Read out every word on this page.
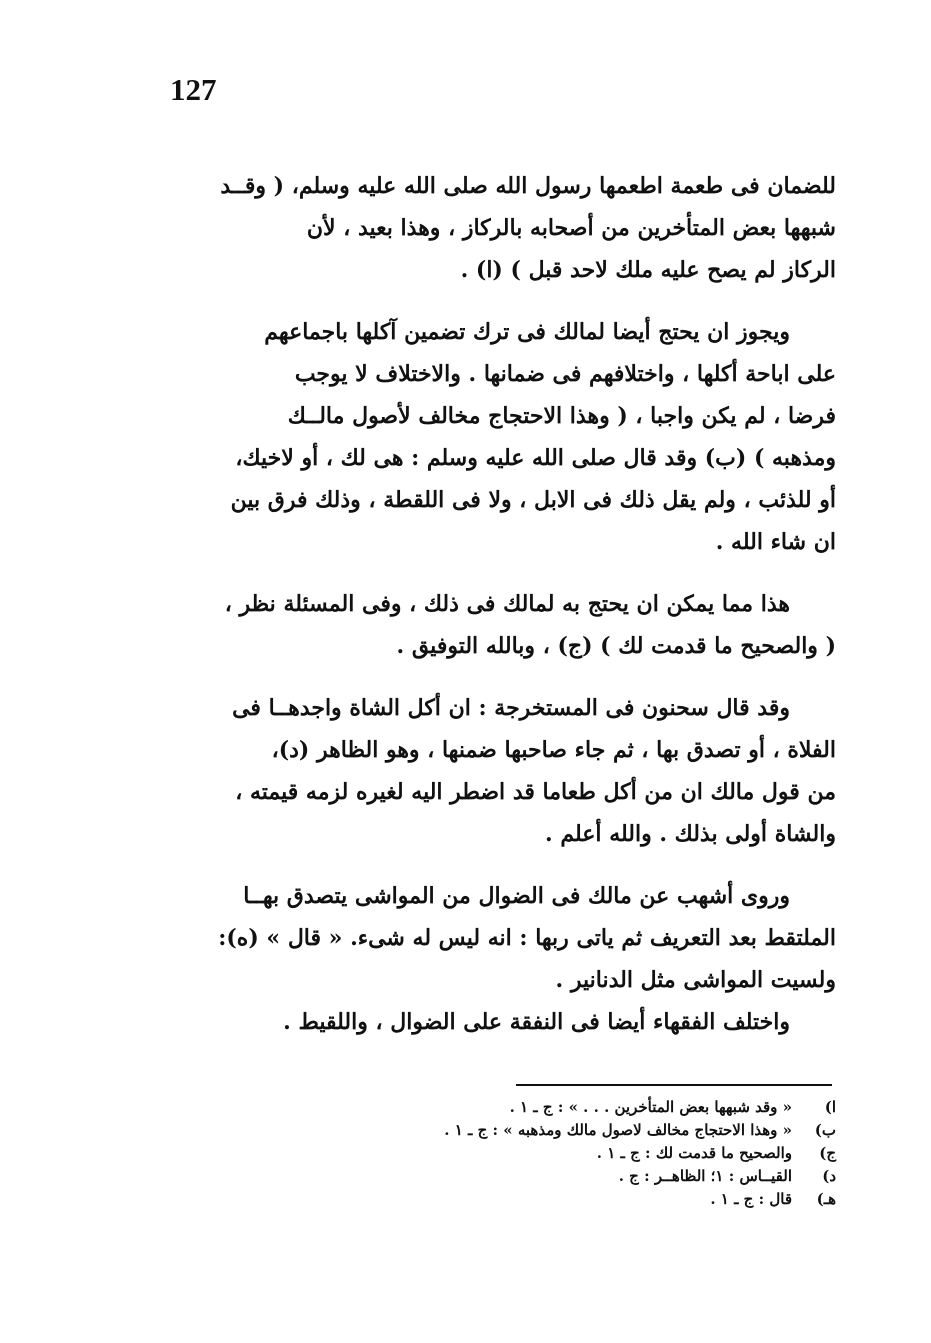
127

للضمان فى طعمة اطعمها رسول الله صلى الله عليه وسلم، ( وقــد

شبهها بعض المتأخرين من أصحابه بالركاز ، وهذا بعيد ، لأن

الركاز لم يصح عليه ملك لاحد قبل ) (ا) .

ويجوز ان يحتج أيضا لمالك فى ترك تضمين آكلها باجماعهم

على اباحة أكلها ، واختلافهم فى ضمانها . والاختلاف لا يوجب

فرضا ، لم يكن واجبا ، ( وهذا الاحتجاج مخالف لأصول مالــك

ومذهبه ) (ب) وقد قال صلى الله عليه وسلم : هى لك ، أو لاخيك،

أو للذئب ، ولم يقل ذلك فى الابل ، ولا فى اللقطة ، وذلك فرق بين

ان شاء الله .

هذا مما يمكن ان يحتج به لمالك فى ذلك ، وفى المسئلة نظر ،

( والصحيح ما قدمت لك ) (ج) ، وبالله التوفيق .

وقد قال سحنون فى المستخرجة : ان أكل الشاة واجدهــا فى

الفلاة ، أو تصدق بها ، ثم جاء صاحبها ضمنها ، وهو الظاهر (د)،

من قول مالك ان من أكل طعاما قد اضطر اليه لغيره لزمه قيمته ،

والشاة أولى بذلك . والله أعلم .

وروى أشهب عن مالك فى الضوال من المواشى يتصدق بهــا

الملتقط بعد التعريف ثم ياتى ربها : انه ليس له شىء. « قال » (ه):

ولسيت المواشى مثل الدنانير .

واختلف الفقهاء أيضا فى النفقة على الضوال ، واللقيط .

ا)
« وقد شبهها بعض المتأخرين . . . » : ج ـ ١ .
ب)
« وهذا الاحتجاج مخالف لاصول مالك ومذهبه » : ج ـ ١ .
ج)
والصحيح ما قدمت لك : ج ـ ١ .
د)
القيــاس : ١؛ الظاهــر : ج .
هـ)
قال : ج ـ ١ .
